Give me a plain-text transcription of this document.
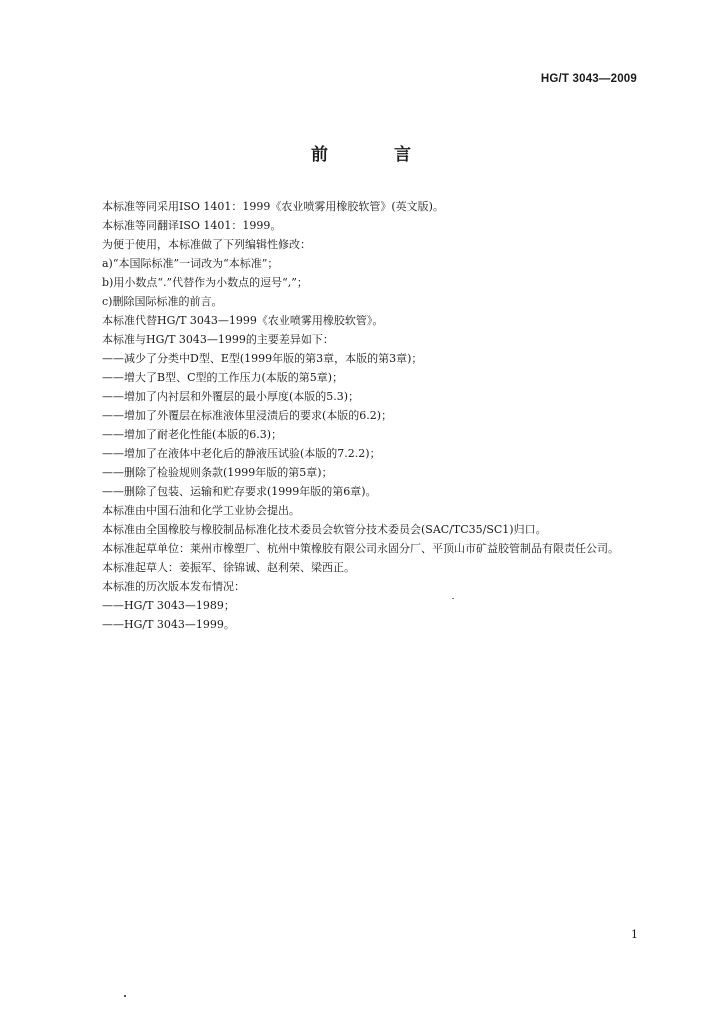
HG/T 3043—2009
前 言

本标准等同采用ISO 1401：1999《农业喷雾用橡胶软管》(英文版)。

本标准等同翻译ISO 1401：1999。

为便于使用，本标准做了下列编辑性修改：

a)“本国际标准”一词改为“本标准”；

b)用小数点“.”代替作为小数点的逗号“,”；

c)删除国际标准的前言。

本标准代替HG/T 3043—1999《农业喷雾用橡胶软管》。

本标准与HG/T 3043—1999的主要差异如下：

——减少了分类中D型、E型(1999年版的第3章，本版的第3章)；

——增大了B型、C型的工作压力(本版的第5章)；

——增加了内衬层和外覆层的最小厚度(本版的5.3)；

——增加了外覆层在标准液体里浸渍后的要求(本版的6.2)；

——增加了耐老化性能(本版的6.3)；

——增加了在液体中老化后的静液压试验(本版的7.2.2)；

——删除了检验规则条款(1999年版的第5章)；

——删除了包装、运输和贮存要求(1999年版的第6章)。

本标准由中国石油和化学工业协会提出。

本标准由全国橡胶与橡胶制品标准化技术委员会软管分技术委员会(SAC/TC35/SC1)归口。

本标准起草单位：莱州市橡塑厂、杭州中策橡胶有限公司永固分厂、平顶山市矿益胶管制品有限责任公司。

本标准起草人：姜振军、徐锦诚、赵利荣、梁西正。

本标准的历次版本发布情况：

——HG/T 3043—1989；

——HG/T 3043—1999。

1
